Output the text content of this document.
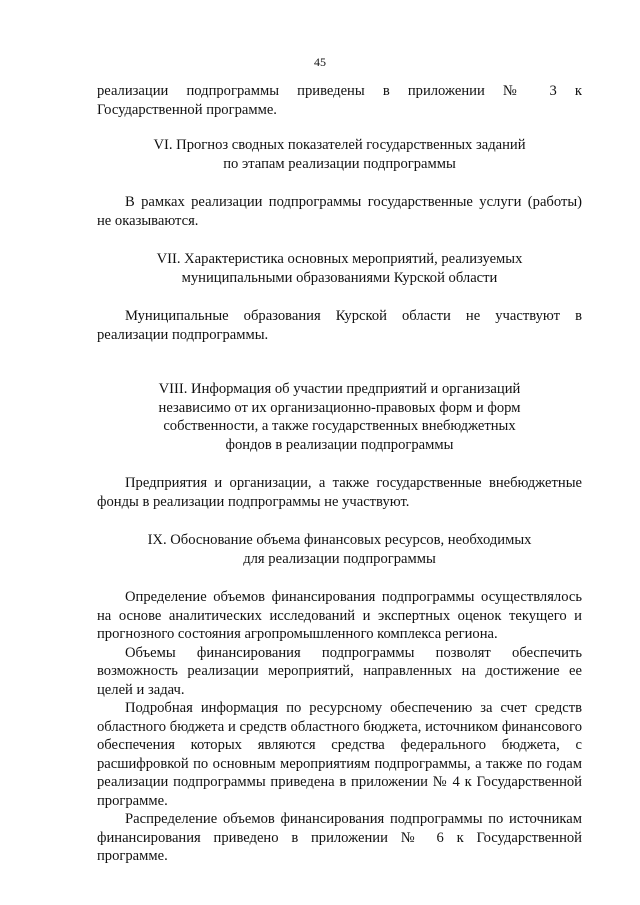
45

реализации подпрограммы приведены в приложении № 3 к

Государственной программе.

VI. Прогноз сводных показателей государственных заданий
по этапам реализации подпрограммы

В рамках реализации подпрограммы государственные услуги (работы) не оказываются.

VII. Характеристика основных мероприятий, реализуемых
муниципальными образованиями Курской области

Муниципальные образования Курской области не участвуют в реализации подпрограммы.

VIII. Информация об участии предприятий и организаций
независимо от их организационно-правовых форм и форм
собственности, а также государственных внебюджетных
фондов в реализации подпрограммы

Предприятия и организации, а также государственные внебюджетные фонды в реализации подпрограммы не участвуют.

IX. Обоснование объема финансовых ресурсов, необходимых
для реализации подпрограммы

Определение объемов финансирования подпрограммы осуществлялось на основе аналитических исследований и экспертных оценок текущего и прогнозного состояния агропромышленного комплекса региона.

Объемы финансирования подпрограммы позволят обеспечить возможность реализации мероприятий, направленных на достижение ее целей и задач.

Подробная информация по ресурсному обеспечению за счет средств областного бюджета и средств областного бюджета, источником финансового обеспечения которых являются средства федерального бюджета, с расшифровкой по основным мероприятиям подпрограммы, а также по годам реализации подпрограммы приведена в приложении № 4 к Государственной программе.

Распределение объемов финансирования подпрограммы по источникам финансирования приведено в приложении № 6 к Государственной программе.
